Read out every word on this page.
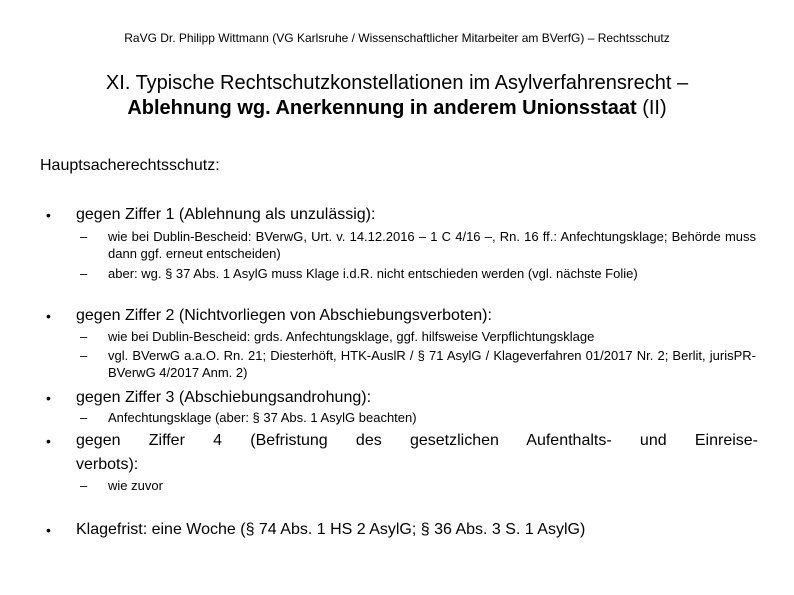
RaVG Dr. Philipp Wittmann (VG Karlsruhe / Wissenschaftlicher Mitarbeiter am BVerfG) – Rechtsschutz
XI. Typische Rechtschutzkonstellationen im Asylverfahrensrecht –
Ablehnung wg. Anerkennung in anderem Unionsstaat (II)
Hauptsacherechtsschutz:
• gegen Ziffer 1 (Ablehnung als unzulässig):
– wie bei Dublin-Bescheid: BVerwG, Urt. v. 14.12.2016 – 1 C 4/16 –, Rn. 16 ff.: Anfechtungsklage; Behörde muss dann ggf. erneut entscheiden)
– aber: wg. § 37 Abs. 1 AsylG muss Klage i.d.R. nicht entschieden werden (vgl. nächste Folie)
• gegen Ziffer 2 (Nichtvorliegen von Abschiebungsverboten):
– wie bei Dublin-Bescheid: grds. Anfechtungsklage, ggf. hilfsweise Verpflichtungsklage
– vgl. BVerwG a.a.O. Rn. 21; Diesterhöft, HTK-AuslR / § 71 AsylG / Klageverfahren 01/2017 Nr. 2; Berlit, jurisPR-BVerwG 4/2017 Anm. 2)
• gegen Ziffer 3 (Abschiebungsandrohung):
– Anfechtungsklage (aber: § 37 Abs. 1 AsylG beachten)
• gegen Ziffer 4 (Befristung des gesetzlichen Aufenthalts- und Einreise-
verbots):
– wie zuvor
• Klagefrist: eine Woche (§ 74 Abs. 1 HS 2 AsylG; § 36 Abs. 3 S. 1 AsylG)
